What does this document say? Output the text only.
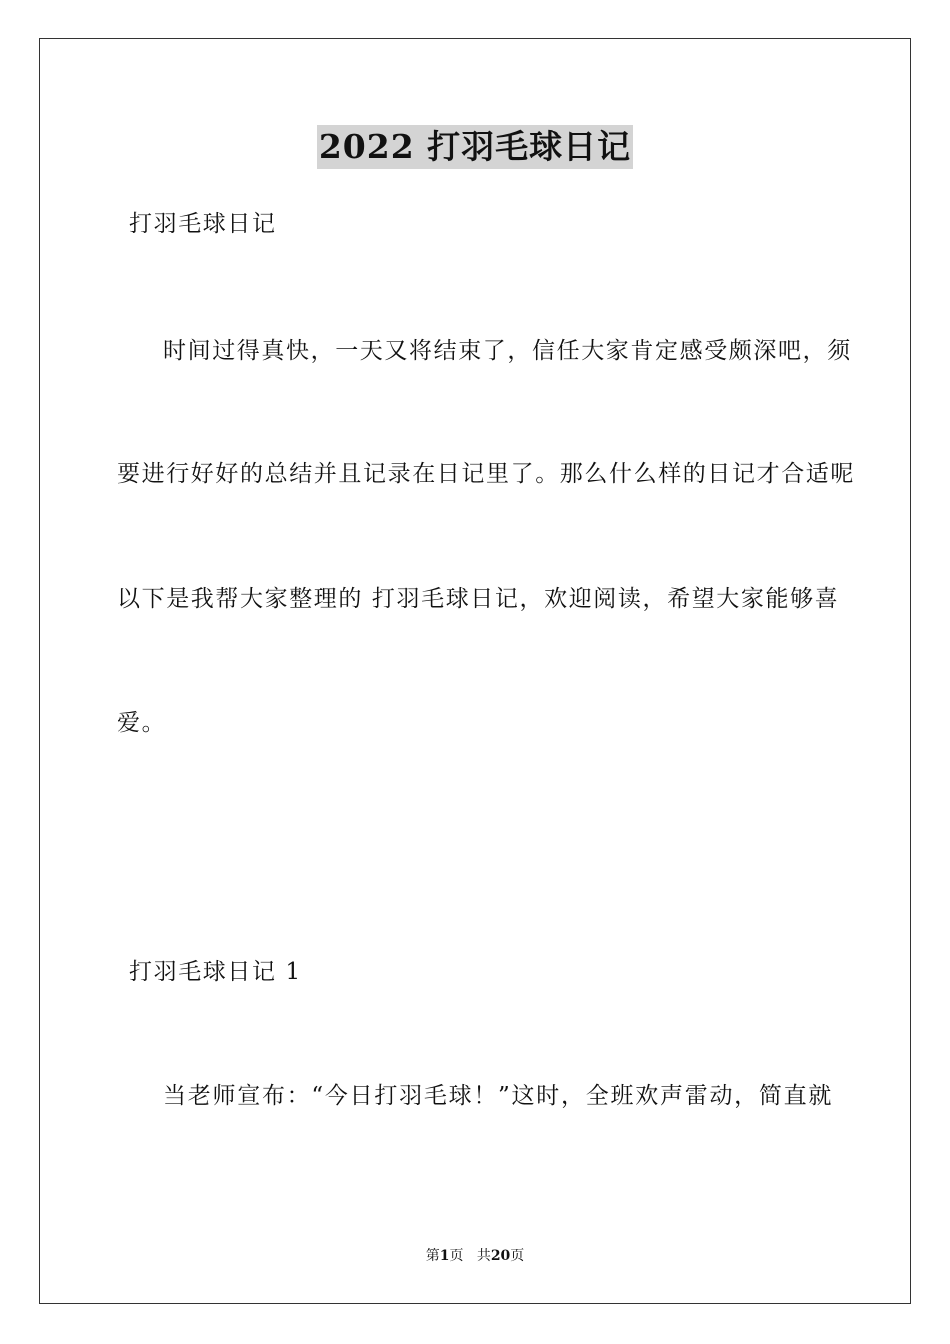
2022 打羽毛球日记
打羽毛球日记
时间过得真快，一天又将结束了，信任大家肯定感受颇深吧，须
要进行好好的总结并且记录在日记里了。那么什么样的日记才合适呢
以下是我帮大家整理的 打羽毛球日记，欢迎阅读，希望大家能够喜
爱。
打羽毛球日记 1
当老师宣布：“今日打羽毛球！”这时，全班欢声雷动，简直就
第1页 共20页
